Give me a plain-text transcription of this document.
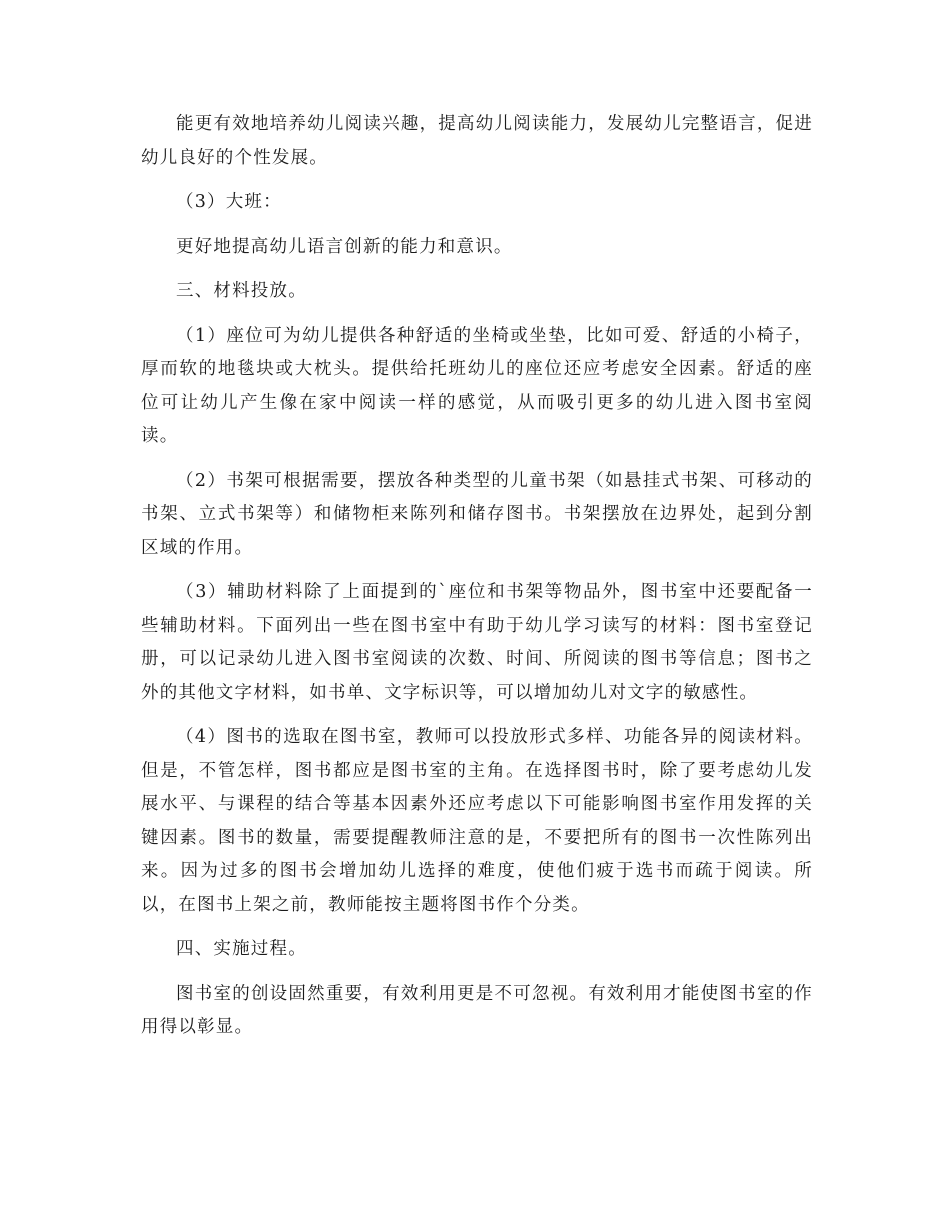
能更有效地培养幼儿阅读兴趣，提高幼儿阅读能力，发展幼儿完整语言，促进幼儿良好的个性发展。

（3）大班：

更好地提高幼儿语言创新的能力和意识。

三、材料投放。

（1）座位可为幼儿提供各种舒适的坐椅或坐垫，比如可爱、舒适的小椅子，厚而软的地毯块或大枕头。提供给托班幼儿的座位还应考虑安全因素。舒适的座位可让幼儿产生像在家中阅读一样的感觉，从而吸引更多的幼儿进入图书室阅读。

（2）书架可根据需要，摆放各种类型的儿童书架（如悬挂式书架、可移动的书架、立式书架等）和储物柜来陈列和储存图书。书架摆放在边界处，起到分割区域的作用。

（3）辅助材料除了上面提到的`座位和书架等物品外，图书室中还要配备一些辅助材料。下面列出一些在图书室中有助于幼儿学习读写的材料：图书室登记册，可以记录幼儿进入图书室阅读的次数、时间、所阅读的图书等信息；图书之外的其他文字材料，如书单、文字标识等，可以增加幼儿对文字的敏感性。

（4）图书的选取在图书室，教师可以投放形式多样、功能各异的阅读材料。但是，不管怎样，图书都应是图书室的主角。在选择图书时，除了要考虑幼儿发展水平、与课程的结合等基本因素外还应考虑以下可能影响图书室作用发挥的关键因素。图书的数量，需要提醒教师注意的是，不要把所有的图书一次性陈列出来。因为过多的图书会增加幼儿选择的难度，使他们疲于选书而疏于阅读。所以，在图书上架之前，教师能按主题将图书作个分类。

四、实施过程。

图书室的创设固然重要，有效利用更是不可忽视。有效利用才能使图书室的作用得以彰显。
